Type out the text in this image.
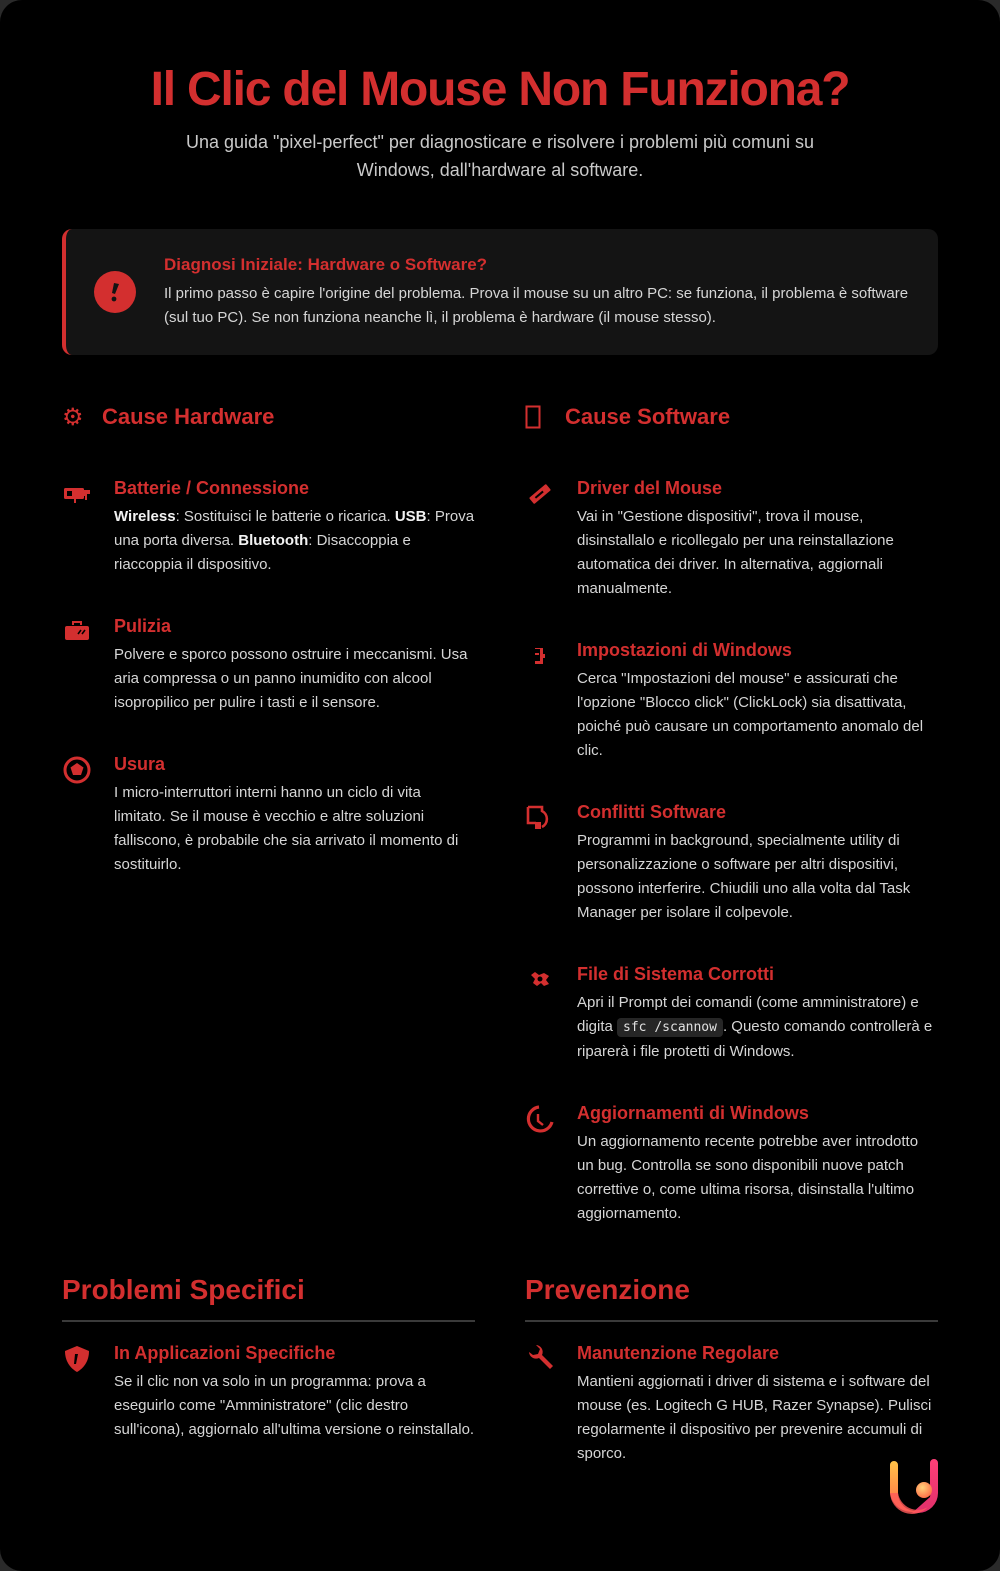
Il Clic del Mouse Non Funziona?

Una guida "pixel-perfect" per diagnosticare e risolvere i problemi più comuni su Windows, dall'hardware al software.

Diagnosi Iniziale: Hardware o Software?

Il primo passo è capire l'origine del problema. Prova il mouse su un altro PC: se funziona, il problema è software (sul tuo PC). Se non funziona neanche lì, il problema è hardware (il mouse stesso).

⚙ Cause Hardware
Batterie / Connessione

Wireless: Sostituisci le batterie o ricarica. USB: Prova una porta diversa. Bluetooth: Disaccoppia e riaccoppia il dispositivo.

Pulizia

Polvere e sporco possono ostruire i meccanismi. Usa aria compressa o un panno inumidito con alcool isopropilico per pulire i tasti e il sensore.

Usura

I micro-interruttori interni hanno un ciclo di vita limitato. Se il mouse è vecchio e altre soluzioni falliscono, è probabile che sia arrivato il momento di sostituirlo.

Cause Software
Driver del Mouse

Vai in "Gestione dispositivi", trova il mouse, disinstallalo e ricollegalo per una reinstallazione automatica dei driver. In alternativa, aggiornali manualmente.

Impostazioni di Windows

Cerca "Impostazioni del mouse" e assicurati che l'opzione "Blocco click" (ClickLock) sia disattivata, poiché può causare un comportamento anomalo del clic.

Conflitti Software

Programmi in background, specialmente utility di personalizzazione o software per altri dispositivi, possono interferire. Chiudili uno alla volta dal Task Manager per isolare il colpevole.

File di Sistema Corrotti

Apri il Prompt dei comandi (come amministratore) e digita sfc /scannow . Questo comando controllerà e riparerà i file protetti di Windows.

Aggiornamenti di Windows

Un aggiornamento recente potrebbe aver introdotto un bug. Controlla se sono disponibili nuove patch correttive o, come ultima risorsa, disinstalla l'ultimo aggiornamento.

Problemi Specifici
In Applicazioni Specifiche

Se il clic non va solo in un programma: prova a eseguirlo come "Amministratore" (clic destro sull'icona), aggiornalo all'ultima versione o reinstallalo.

Prevenzione
Manutenzione Regolare

Mantieni aggiornati i driver di sistema e i software del mouse (es. Logitech G HUB, Razer Synapse). Pulisci regolarmente il dispositivo per prevenire accumuli di sporco.
